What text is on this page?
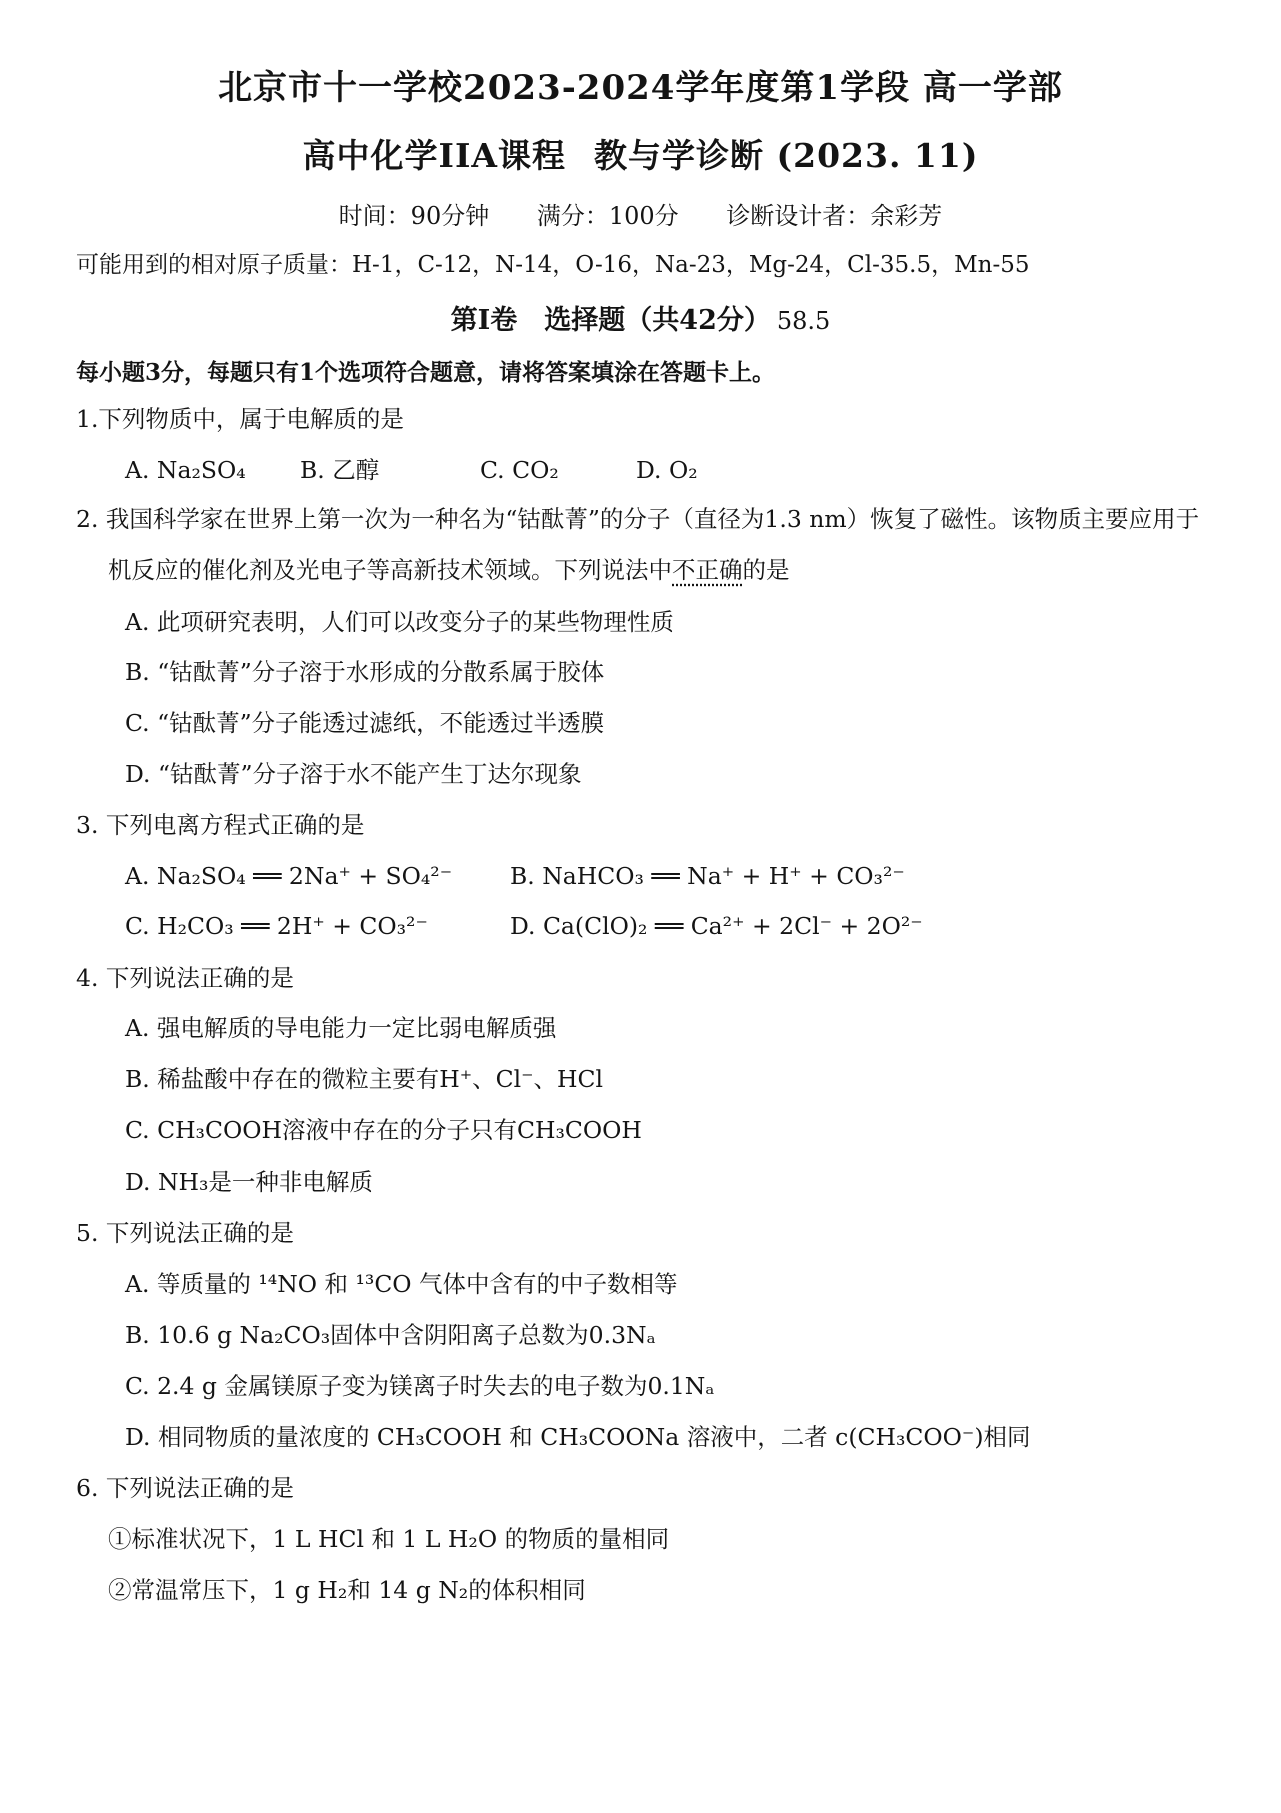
北京市十一学校2023-2024学年度第1学段 高一学部
高中化学IIA课程 教与学诊断 (2023. 11)
时间：90分钟 满分：100分 诊断设计者：余彩芳
可能用到的相对原子质量：H-1，C-12，N-14，O-16，Na-23，Mg-24，Cl-35.5，Mn-55
第I卷　选择题（共42分） 58.5
每小题3分，每题只有1个选项符合题意，请将答案填涂在答题卡上。
1.下列物质中，属于电解质的是
A. Na₂SO₄ B. 乙醇	C. CO₂	D. O₂
2. 我国科学家在世界上第一次为一种名为“钴酞菁”的分子（直径为1.3 nm）恢复了磁性。该物质主要应用于
机反应的催化剂及光电子等高新技术领域。下列说法中不正确的是
A. 此项研究表明，人们可以改变分子的某些物理性质
B. “钴酞菁”分子溶于水形成的分散系属于胶体
C. “钴酞菁”分子能透过滤纸，不能透过半透膜
D. “钴酞菁”分子溶于水不能产生丁达尔现象
3. 下列电离方程式正确的是
A. Na₂SO₄ ══ 2Na⁺ + SO₄²⁻ B. NaHCO₃ ══ Na⁺ + H⁺ + CO₃²⁻
C. H₂CO₃ ══ 2H⁺ + CO₃²⁻	D. Ca(ClO)₂ ══ Ca²⁺ + 2Cl⁻ + 2O²⁻
4. 下列说法正确的是
A. 强电解质的导电能力一定比弱电解质强
B. 稀盐酸中存在的微粒主要有H⁺、Cl⁻、HCl
C. CH₃COOH溶液中存在的分子只有CH₃COOH
D. NH₃是一种非电解质
5. 下列说法正确的是
A. 等质量的 ¹⁴NO 和 ¹³CO 气体中含有的中子数相等
B. 10.6 g Na₂CO₃固体中含阴阳离子总数为0.3Nₐ
C. 2.4 g 金属镁原子变为镁离子时失去的电子数为0.1Nₐ
D. 相同物质的量浓度的 CH₃COOH 和 CH₃COONa 溶液中，二者 c(CH₃COO⁻)相同
6. 下列说法正确的是
①标准状况下，1 L HCl 和 1 L H₂O 的物质的量相同
②常温常压下，1 g H₂和 14 g N₂的体积相同
